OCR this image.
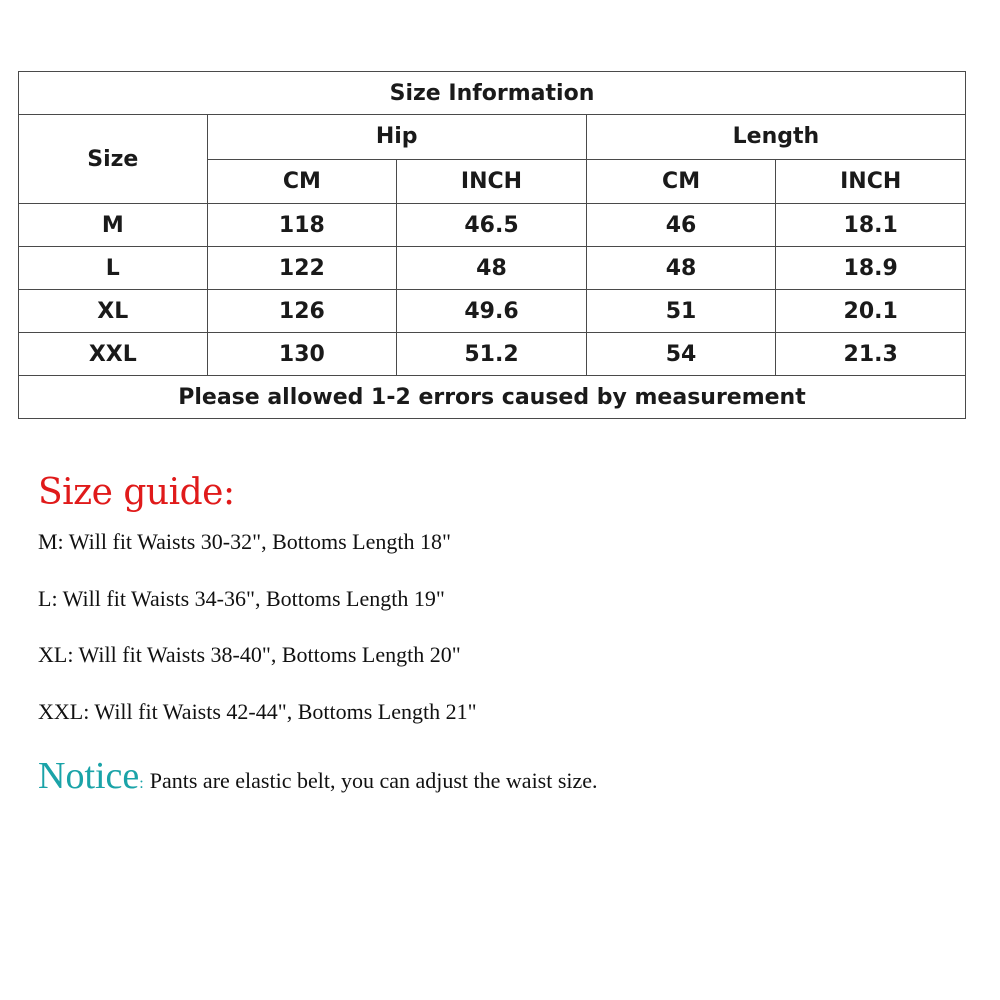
Size Information				
Size	Hip		Length	
	CM	INCH	CM	INCH
M	118	46.5	46	18.1
L	122	48	48	18.9
XL	126	49.6	51	20.1
XXL	130	51.2	54	21.3
Please allowed 1-2 errors caused by measurement				

Size guide:

M: Will fit Waists 30-32", Bottoms Length 18"

L: Will fit Waists 34-36", Bottoms Length 19"

XL: Will fit Waists 38-40", Bottoms Length 20"

XXL: Will fit Waists 42-44", Bottoms Length 21"

Notice: Pants are elastic belt, you can adjust the waist size.
